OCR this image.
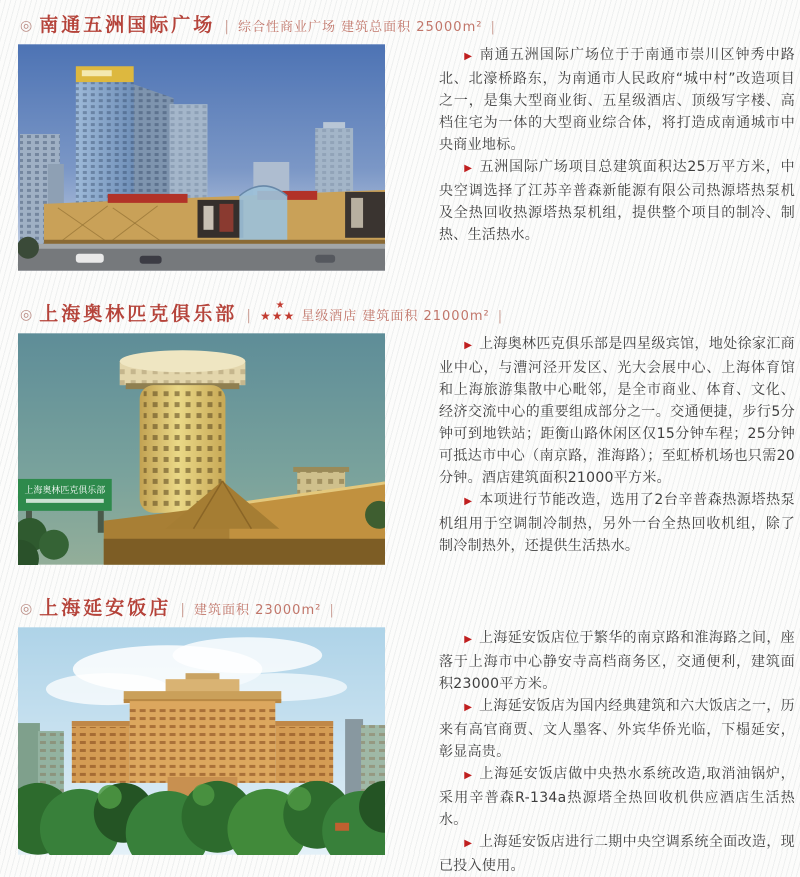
◎ 南通五洲国际广场 | 综合性商业广场 建筑总面积 25000m² |

▶ 南通五洲国际广场位于于南通市崇川区钟秀中路北、北濠桥路东，为南通市人民政府“城中村”改造项目之一，是集大型商业街、五星级酒店、顶级写字楼、高档住宅为一体的大型商业综合体，将打造成南通城市中央商业地标。

▶ 五洲国际广场项目总建筑面积达25万平方米，中央空调选择了江苏辛普森新能源有限公司热源塔热泵机及全热回收热源塔热泵机组，提供整个项目的制冷、制热、生活热水。

◎ 上海奥林匹克俱乐部 |
★
★★★ 星级酒店 建筑面积 21000m² |
上海奥林匹克俱乐部

▶ 上海奥林匹克俱乐部是四星级宾馆，地处徐家汇商业中心，与漕河泾开发区、光大会展中心、上海体育馆和上海旅游集散中心毗邻，是全市商业、体育、文化、经济交流中心的重要组成部分之一。交通便捷，步行5分钟可到地铁站；距衡山路休闲区仅15分钟车程；25分钟可抵达市中心（南京路，淮海路）；至虹桥机场也只需20分钟。酒店建筑面积21000平方米。

▶ 本项进行节能改造，选用了2台辛普森热源塔热泵机组用于空调制冷制热，另外一台全热回收机组，除了制冷制热外，还提供生活热水。

◎ 上海延安饭店 | 建筑面积 23000m² |

▶ 上海延安饭店位于繁华的南京路和淮海路之间，座落于上海市中心静安寺高档商务区，交通便利，建筑面积23000平方米。

▶ 上海延安饭店为国内经典建筑和六大饭店之一，历来有高官商贾、文人墨客、外宾华侨光临，下榻延安，彰显高贵。

▶ 上海延安饭店做中央热水系统改造,取消油锅炉，采用辛普森R-134a热源塔全热回收机供应酒店生活热水。

▶ 上海延安饭店进行二期中央空调系统全面改造，现已投入使用。
